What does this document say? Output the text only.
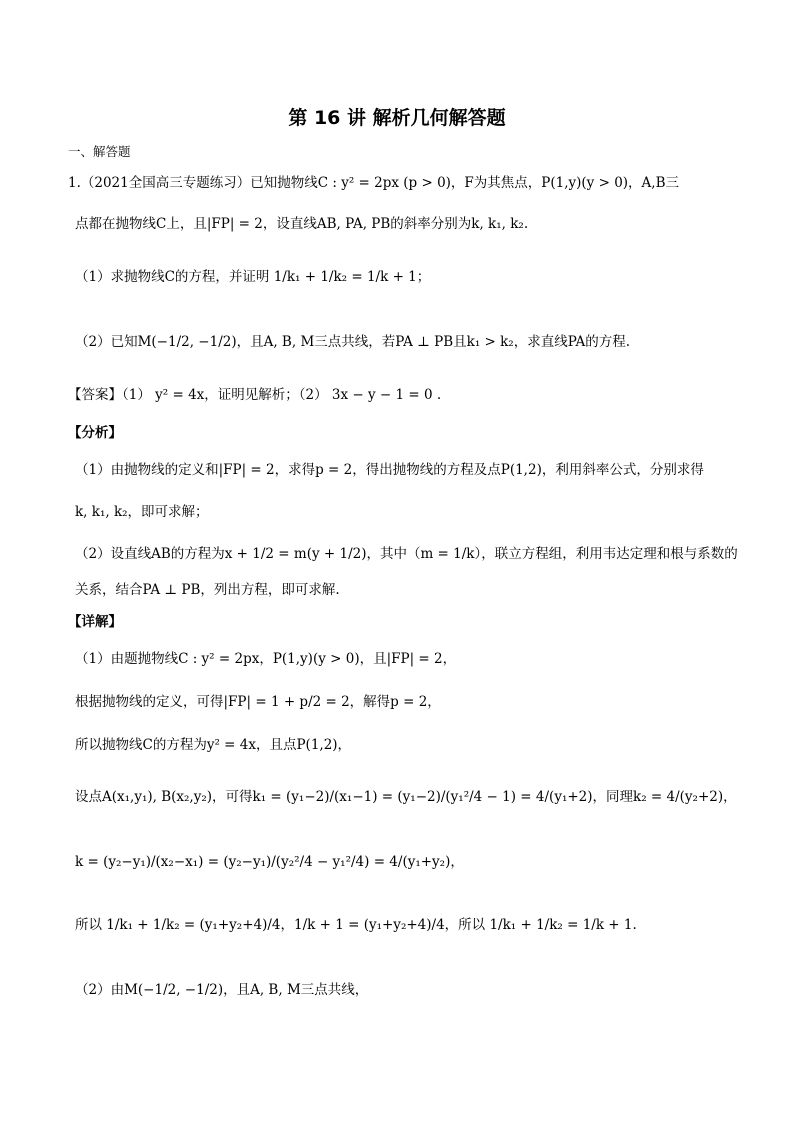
第 16 讲 解析几何解答题
一、解答题
1.（2021全国高三专题练习）已知抛物线C : y² = 2px (p > 0)，F为其焦点，P(1,y)(y > 0)，A,B三
点都在抛物线C上，且|FP| = 2，设直线AB, PA, PB的斜率分别为k, k₁, k₂.
（1）求抛物线C的方程，并证明 1/k₁ + 1/k₂ = 1/k + 1；
（2）已知M(−1/2, −1/2)，且A, B, M三点共线，若PA ⊥ PB且k₁ > k₂，求直线PA的方程.
【答案】（1） y² = 4x，证明见解析；（2） 3x − y − 1 = 0 .
【分析】
（1）由抛物线的定义和|FP| = 2，求得p = 2，得出抛物线的方程及点P(1,2)，利用斜率公式，分别求得
k, k₁, k₂，即可求解；
（2）设直线AB的方程为x + 1/2 = m(y + 1/2)，其中（m = 1/k），联立方程组，利用韦达定理和根与系数的
关系，结合PA ⊥ PB，列出方程，即可求解.
【详解】
（1）由题抛物线C : y² = 2px，P(1,y)(y > 0)，且|FP| = 2，
根据抛物线的定义，可得|FP| = 1 + p/2 = 2，解得p = 2，
所以抛物线C的方程为y² = 4x，且点P(1,2)，
设点A(x₁,y₁), B(x₂,y₂)，可得k₁ = (y₁−2)/(x₁−1) = (y₁−2)/(y₁²/4 − 1) = 4/(y₁+2)，同理k₂ = 4/(y₂+2)，
k = (y₂−y₁)/(x₂−x₁) = (y₂−y₁)/(y₂²/4 − y₁²/4) = 4/(y₁+y₂)，
所以 1/k₁ + 1/k₂ = (y₁+y₂+4)/4，1/k + 1 = (y₁+y₂+4)/4，所以 1/k₁ + 1/k₂ = 1/k + 1.
（2）由M(−1/2, −1/2)，且A, B, M三点共线，
